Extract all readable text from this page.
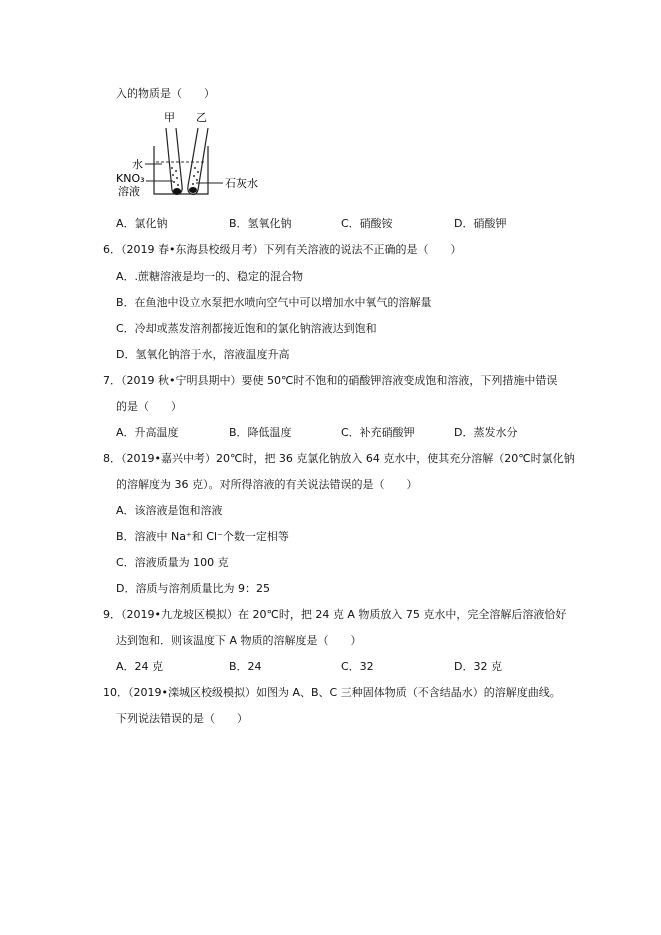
入的物质是（　　）
甲 乙
水
KNO₃
溶液
石灰水
A．氯化钠	B．氢氧化钠	C．硝酸铵	D．硝酸钾
6．（2019 春•东海县校级月考）下列有关溶液的说法不正确的是（　　）
A．.蔗糖溶液是均一的、稳定的混合物
B．在鱼池中设立水泵把水喷向空气中可以增加水中氧气的溶解量
C．冷却或蒸发溶剂都接近饱和的氯化钠溶液达到饱和
D．氢氧化钠溶于水，溶液温度升高
7．（2019 秋•宁明县期中）要使 50℃时不饱和的硝酸钾溶液变成饱和溶液，下列措施中错误
的是（　　）
A．升高温度	B．降低温度	C．补充硝酸钾	D．蒸发水分
8．（2019•嘉兴中考）20℃时，把 36 克氯化钠放入 64 克水中，使其充分溶解（20℃时氯化钠
的溶解度为 36 克）。对所得溶液的有关说法错误的是（　　）
A．该溶液是饱和溶液
B．溶液中 Na⁺和 Cl⁻个数一定相等
C．溶液质量为 100 克
D．溶质与溶剂质量比为 9：25
9．（2019•九龙坡区模拟）在 20℃时，把 24 克 A 物质放入 75 克水中，完全溶解后溶液恰好
达到饱和．则该温度下 A 物质的溶解度是（　　）
A．24 克	B．24	C．32	D．32 克
10．（2019•滦城区校级模拟）如图为 A、B、C 三种固体物质（不含结晶水）的溶解度曲线。
下列说法错误的是（　　）
